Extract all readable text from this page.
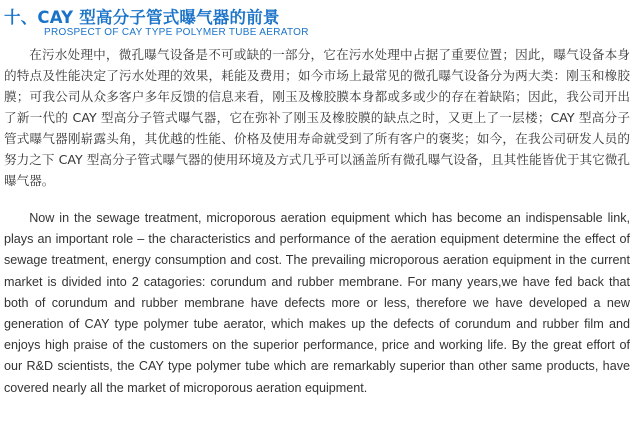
十、CAY 型高分子管式曝气器的前景
PROSPECT OF CAY TYPE POLYMER TUBE AERATOR

在污水处理中，微孔曝气设备是不可或缺的一部分，它在污水处理中占据了重要位置；因此，曝气设备本身的特点及性能决定了污水处理的效果，耗能及费用；如今市场上最常见的微孔曝气设备分为两大类：刚玉和橡胶膜；可我公司从众多客户多年反馈的信息来看，刚玉及橡胶膜本身都或多或少的存在着缺陷；因此，我公司开出了新一代的 CAY 型高分子管式曝气器，它在弥补了刚玉及橡胶膜的缺点之时，又更上了一层楼；CAY 型高分子管式曝气器刚崭露头角，其优越的性能、价格及使用寿命就受到了所有客户的褒奖；如今，在我公司研发人员的努力之下 CAY 型高分子管式曝气器的使用环境及方式几乎可以涵盖所有微孔曝气设备，且其性能皆优于其它微孔曝气器。

Now in the sewage treatment, microporous aeration equipment which has become an indispensable link, plays an important role – the characteristics and performance of the aeration equipment determine the effect of sewage treatment, energy consumption and cost. The prevailing microporous aeration equipment in the current market is divided into 2 catagories: corundum and rubber membrane. For many years,we have fed back that both of corundum and rubber membrane have defects more or less, therefore we have developed a new generation of CAY type polymer tube aerator, which makes up the defects of corundum and rubber film and enjoys high praise of the customers on the superior performance, price and working life. By the great effort of our R&D scientists, the CAY type polymer tube which are remarkably superior than other same products, have covered nearly all the market of microporous aeration equipment.
